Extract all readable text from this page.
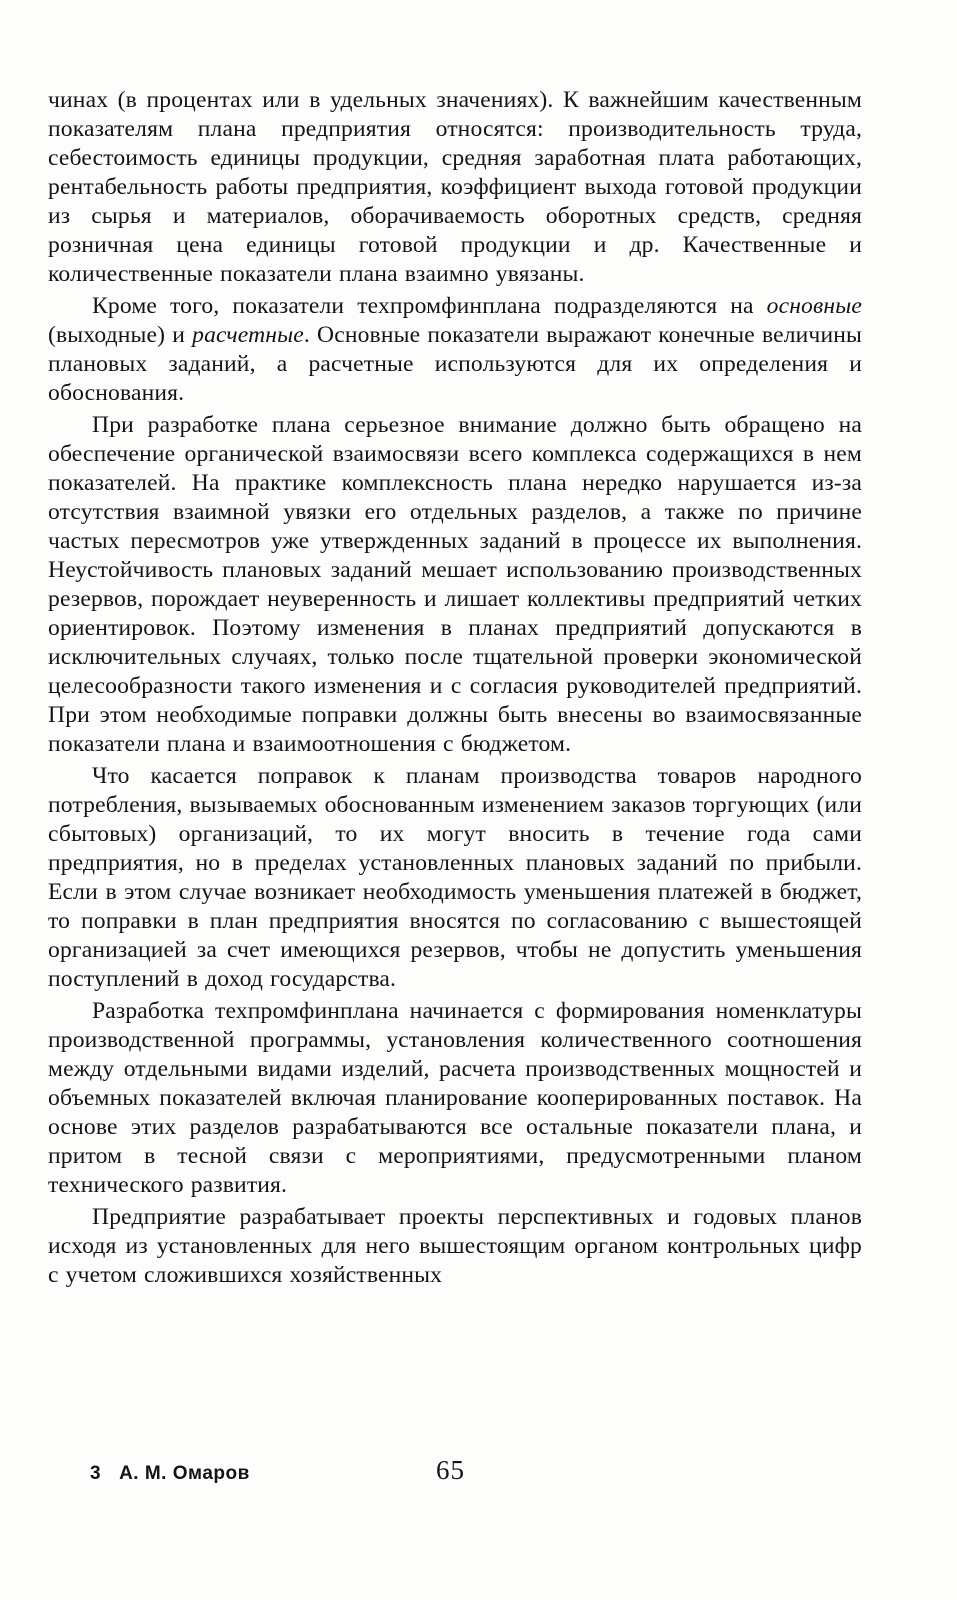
чинах (в процентах или в удельных значениях). К важнейшим качественным показателям плана предприятия относятся: производительность труда, себестоимость единицы продукции, средняя заработная плата работающих, рентабельность работы предприятия, коэффициент выхода готовой продукции из сырья и материалов, оборачиваемость оборотных средств, средняя розничная цена единицы готовой продукции и др. Качественные и количественные показатели плана взаимно увязаны.

Кроме того, показатели техпромфинплана подразделяются на основные (выходные) и расчетные. Основные показатели выражают конечные величины плановых заданий, а расчетные используются для их определения и обоснования.

При разработке плана серьезное внимание должно быть обращено на обеспечение органической взаимосвязи всего комплекса содержащихся в нем показателей. На практике комплексность плана нередко нарушается из-за отсутствия взаимной увязки его отдельных разделов, а также по причине частых пересмотров уже утвержденных заданий в процессе их выполнения. Неустойчивость плановых заданий мешает использованию производственных резервов, порождает неуверенность и лишает коллективы предприятий четких ориентировок. Поэтому изменения в планах предприятий допускаются в исключительных случаях, только после тщательной проверки экономической целесообразности такого изменения и с согласия руководителей предприятий. При этом необходимые поправки должны быть внесены во взаимосвязанные показатели плана и взаимоотношения с бюджетом.

Что касается поправок к планам производства товаров народного потребления, вызываемых обоснованным изменением заказов торгующих (или сбытовых) организаций, то их могут вносить в течение года сами предприятия, но в пределах установленных плановых заданий по прибыли. Если в этом случае возникает необходимость уменьшения платежей в бюджет, то поправки в план предприятия вносятся по согласованию с вышестоящей организацией за счет имеющихся резервов, чтобы не допустить уменьшения поступлений в доход государства.

Разработка техпромфинплана начинается с формирования номенклатуры производственной программы, установления количественного соотношения между отдельными видами изделий, расчета производственных мощностей и объемных показателей включая планирование кооперированных поставок. На основе этих разделов разрабатываются все остальные показатели плана, и притом в тесной связи с мероприятиями, предусмотренными планом технического развития.

Предприятие разрабатывает проекты перспективных и годовых планов исходя из установленных для него вышестоящим органом контрольных цифр с учетом сложившихся хозяйственных

3 А. М. Омаров	65
